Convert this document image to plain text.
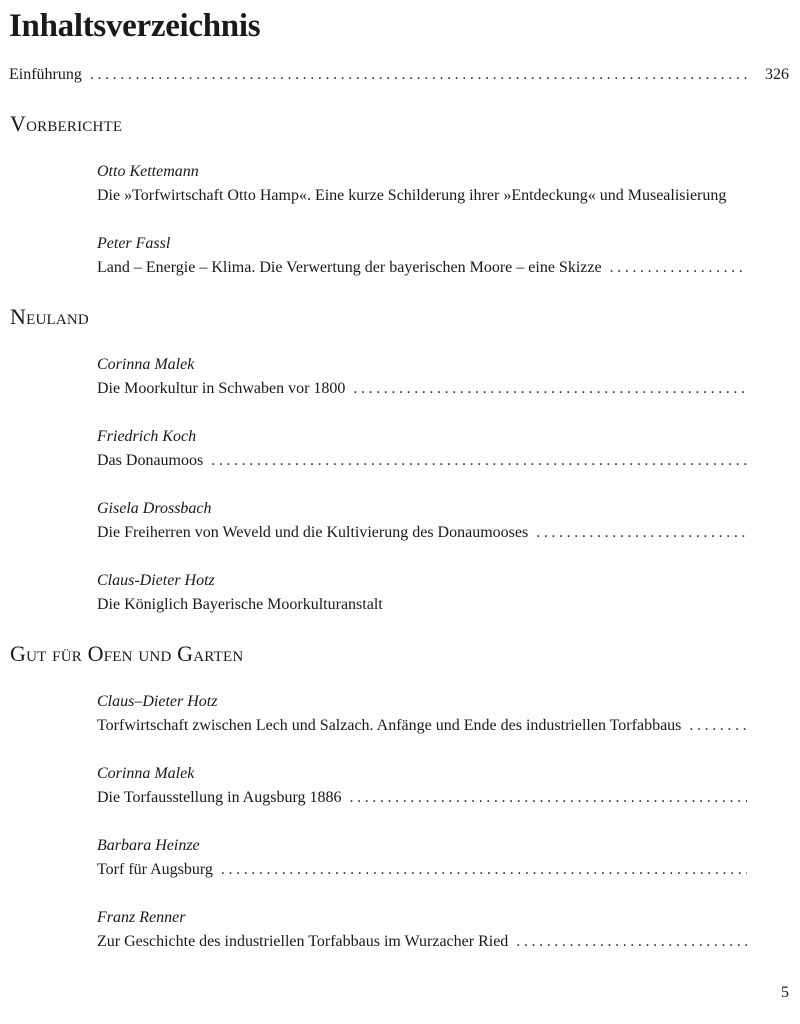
Inhaltsverzeichnis
Einführung .....	326
Vorberichte
Otto Kettemann
Die »Torfwirtschaft Otto Hamp«. Eine kurze Schilderung ihrer »Entdeckung« und Musealisierung
Peter Fassl
Land – Energie – Klima. Die Verwertung der bayerischen Moore – eine Skizze
.....
Neuland
Corinna Malek
Die Moorkultur in Schwaben vor 1800
.....
Friedrich Koch
Das Donaumoos
.....
Gisela Drossbach
Die Freiherren von Weveld und die Kultivierung des Donaumooses
.....
Claus-Dieter Hotz
Die Königlich Bayerische Moorkulturanstalt
Gut für Ofen und Garten
Claus–Dieter Hotz
Torfwirtschaft zwischen Lech und Salzach. Anfänge und Ende des industriellen Torfabbaus
.....
Corinna Malek
Die Torfausstellung in Augsburg 1886
.....
Barbara Heinze
Torf für Augsburg
.....
Franz Renner
Zur Geschichte des industriellen Torfabbaus im Wurzacher Ried
.....
5
